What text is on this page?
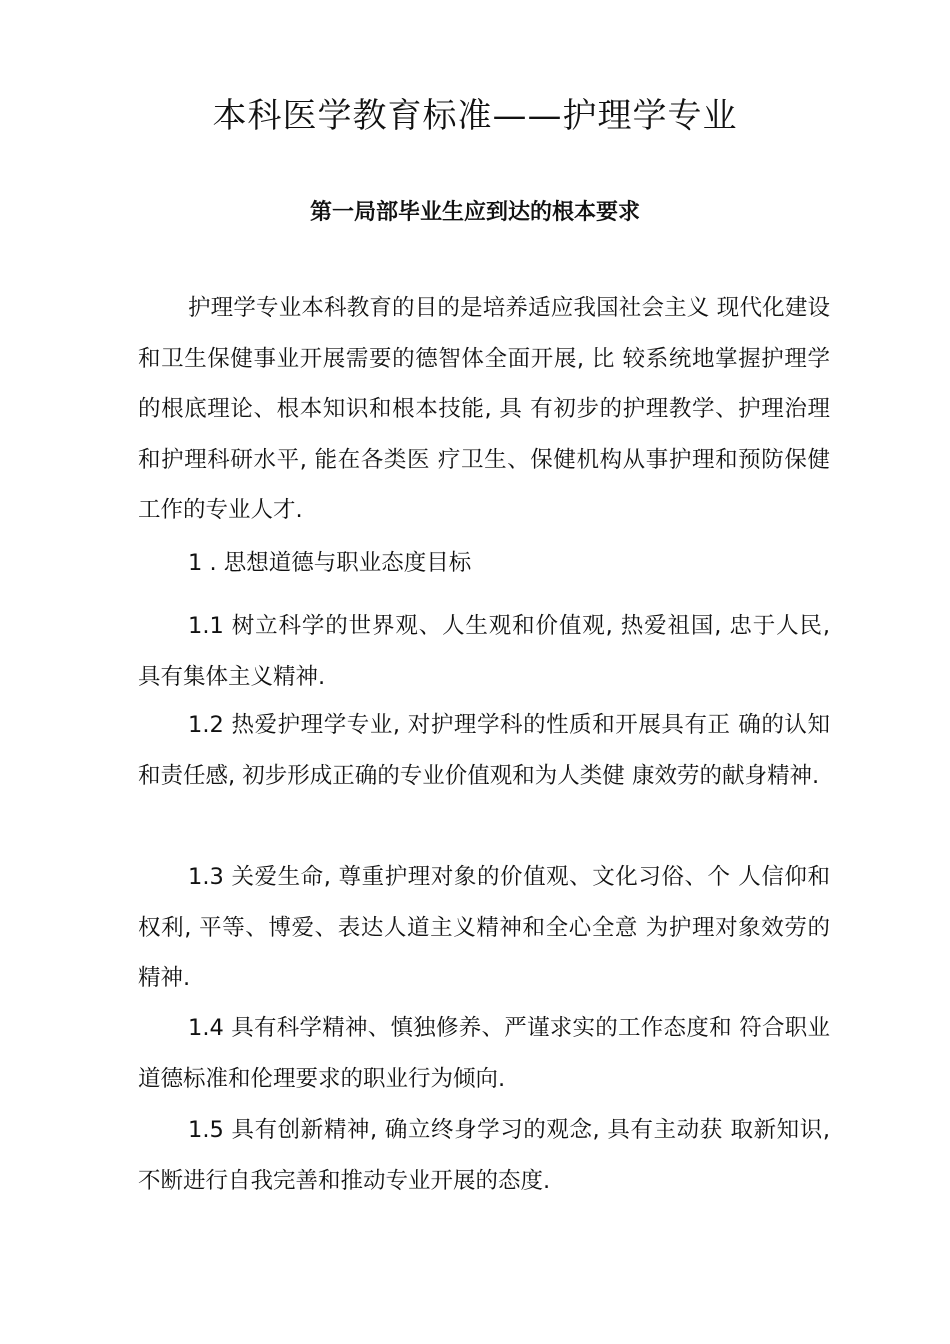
本科医学教育标准——护理学专业
第一局部毕业生应到达的根本要求

护理学专业本科教育的目的是培养适应我国社会主义 现代化建设和卫生保健事业开展需要的德智体全面开展, 比 较系统地掌握护理学的根底理论、根本知识和根本技能, 具 有初步的护理教学、护理治理和护理科研水平, 能在各类医 疗卫生、保健机构从事护理和预防保健工作的专业人才.

1 . 思想道德与职业态度目标

1.1 树立科学的世界观、人生观和价值观, 热爱祖国, 忠于人民, 具有集体主义精神.

1.2 热爱护理学专业, 对护理学科的性质和开展具有正 确的认知和责任感, 初步形成正确的专业价值观和为人类健 康效劳的献身精神.

1.3 关爱生命, 尊重护理对象的价值观、文化习俗、个 人信仰和权利, 平等、博爱、表达人道主义精神和全心全意 为护理对象效劳的精神.

1.4 具有科学精神、慎独修养、严谨求实的工作态度和 符合职业道德标准和伦理要求的职业行为倾向.

1.5 具有创新精神, 确立终身学习的观念, 具有主动获 取新知识, 不断进行自我完善和推动专业开展的态度.
